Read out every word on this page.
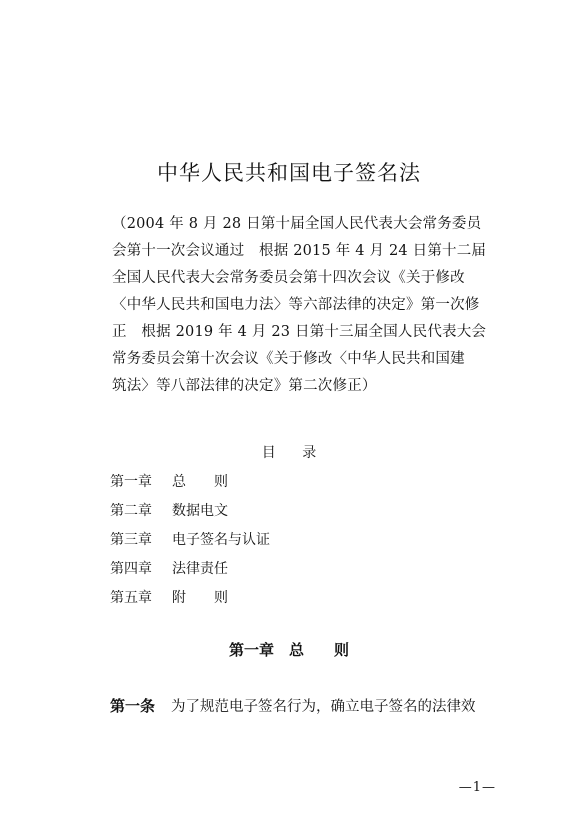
中华人民共和国电子签名法
（2004 年 8 月 28 日第十届全国人民代表大会常务委员
会第十一次会议通过　根据 2015 年 4 月 24 日第十二届
全国人民代表大会常务委员会第十四次会议《关于修改
〈中华人民共和国电力法〉等六部法律的决定》第一次修
正　根据 2019 年 4 月 23 日第十三届全国人民代表大会
常务委员会第十次会议《关于修改〈中华人民共和国建
筑法〉等八部法律的决定》第二次修正）
目 录
第一章	总　　则
第二章	数据电文
第三章	电子签名与认证
第四章	法律责任
第五章	附　　则
第一章　总　　则
第一条 为了规范电子签名行为，确立电子签名的法律效
—1—
